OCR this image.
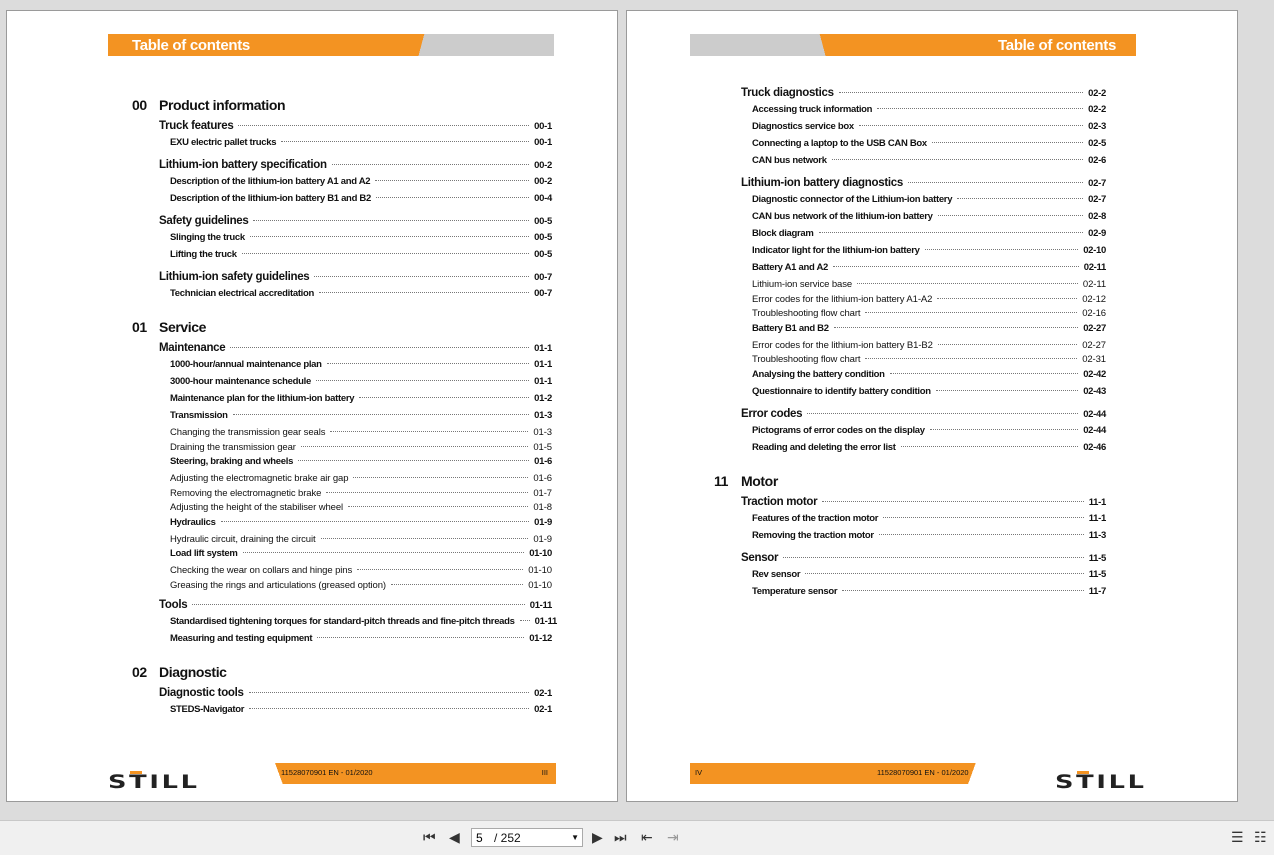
Table of contents
00 Product information
Truck features	00-1
EXU electric pallet trucks	00-1
Lithium-ion battery specification	00-2
Description of the lithium-ion battery A1 and A2	00-2
Description of the lithium-ion battery B1 and B2	00-4
Safety guidelines	00-5
Slinging the truck	00-5
Lifting the truck	00-5
Lithium-ion safety guidelines	00-7
Technician electrical accreditation	00-7
01 Service
Maintenance	01-1
1000-hour/annual maintenance plan	01-1
3000-hour maintenance schedule	01-1
Maintenance plan for the lithium-ion battery	01-2
Transmission	01-3
Changing the transmission gear seals	01-3
Draining the transmission gear	01-5
Steering, braking and wheels	01-6
Adjusting the electromagnetic brake air gap	01-6
Removing the electromagnetic brake	01-7
Adjusting the height of the stabiliser wheel	01-8
Hydraulics	01-9
Hydraulic circuit, draining the circuit	01-9
Load lift system	01-10
Checking the wear on collars and hinge pins	01-10
Greasing the rings and articulations (greased option)	01-10
Tools	01-11
Standardised tightening torques for standard-pitch threads and fine-pitch threads 01-11
Measuring and testing equipment	01-12
02 Diagnostic
Diagnostic tools	02-1
STEDS-Navigator	02-1
11528070901 EN - 01/2020	III
STILL
Table of contents
Truck diagnostics	02-2
Accessing truck information	02-2
Diagnostics service box	02-3
Connecting a laptop to the USB CAN Box	02-5
CAN bus network	02-6
Lithium-ion battery diagnostics	02-7
Diagnostic connector of the Lithium-ion battery	02-7
CAN bus network of the lithium-ion battery	02-8
Block diagram	02-9
Indicator light for the lithium-ion battery	02-10
Battery A1 and A2	02-11
Lithium-ion service base	02-11
Error codes for the lithium-ion battery A1-A2	02-12
Troubleshooting flow chart	02-16
Battery B1 and B2	02-27
Error codes for the lithium-ion battery B1-B2	02-27
Troubleshooting flow chart	02-31
Analysing the battery condition	02-42
Questionnaire to identify battery condition	02-43
Error codes	02-44
Pictograms of error codes on the display	02-44
Reading and deleting the error list	02-46
11 Motor
Traction motor	11-1
Features of the traction motor	11-1
Removing the traction motor	11-3
Sensor	11-5
Rev sensor	11-5
Temperature sensor	11-7
IV	11528070901 EN - 01/2020	STILL
⏮ ◀
5	/ 252	▼ ▶ ⏭ ⇤ ⇥	☰ ☷
